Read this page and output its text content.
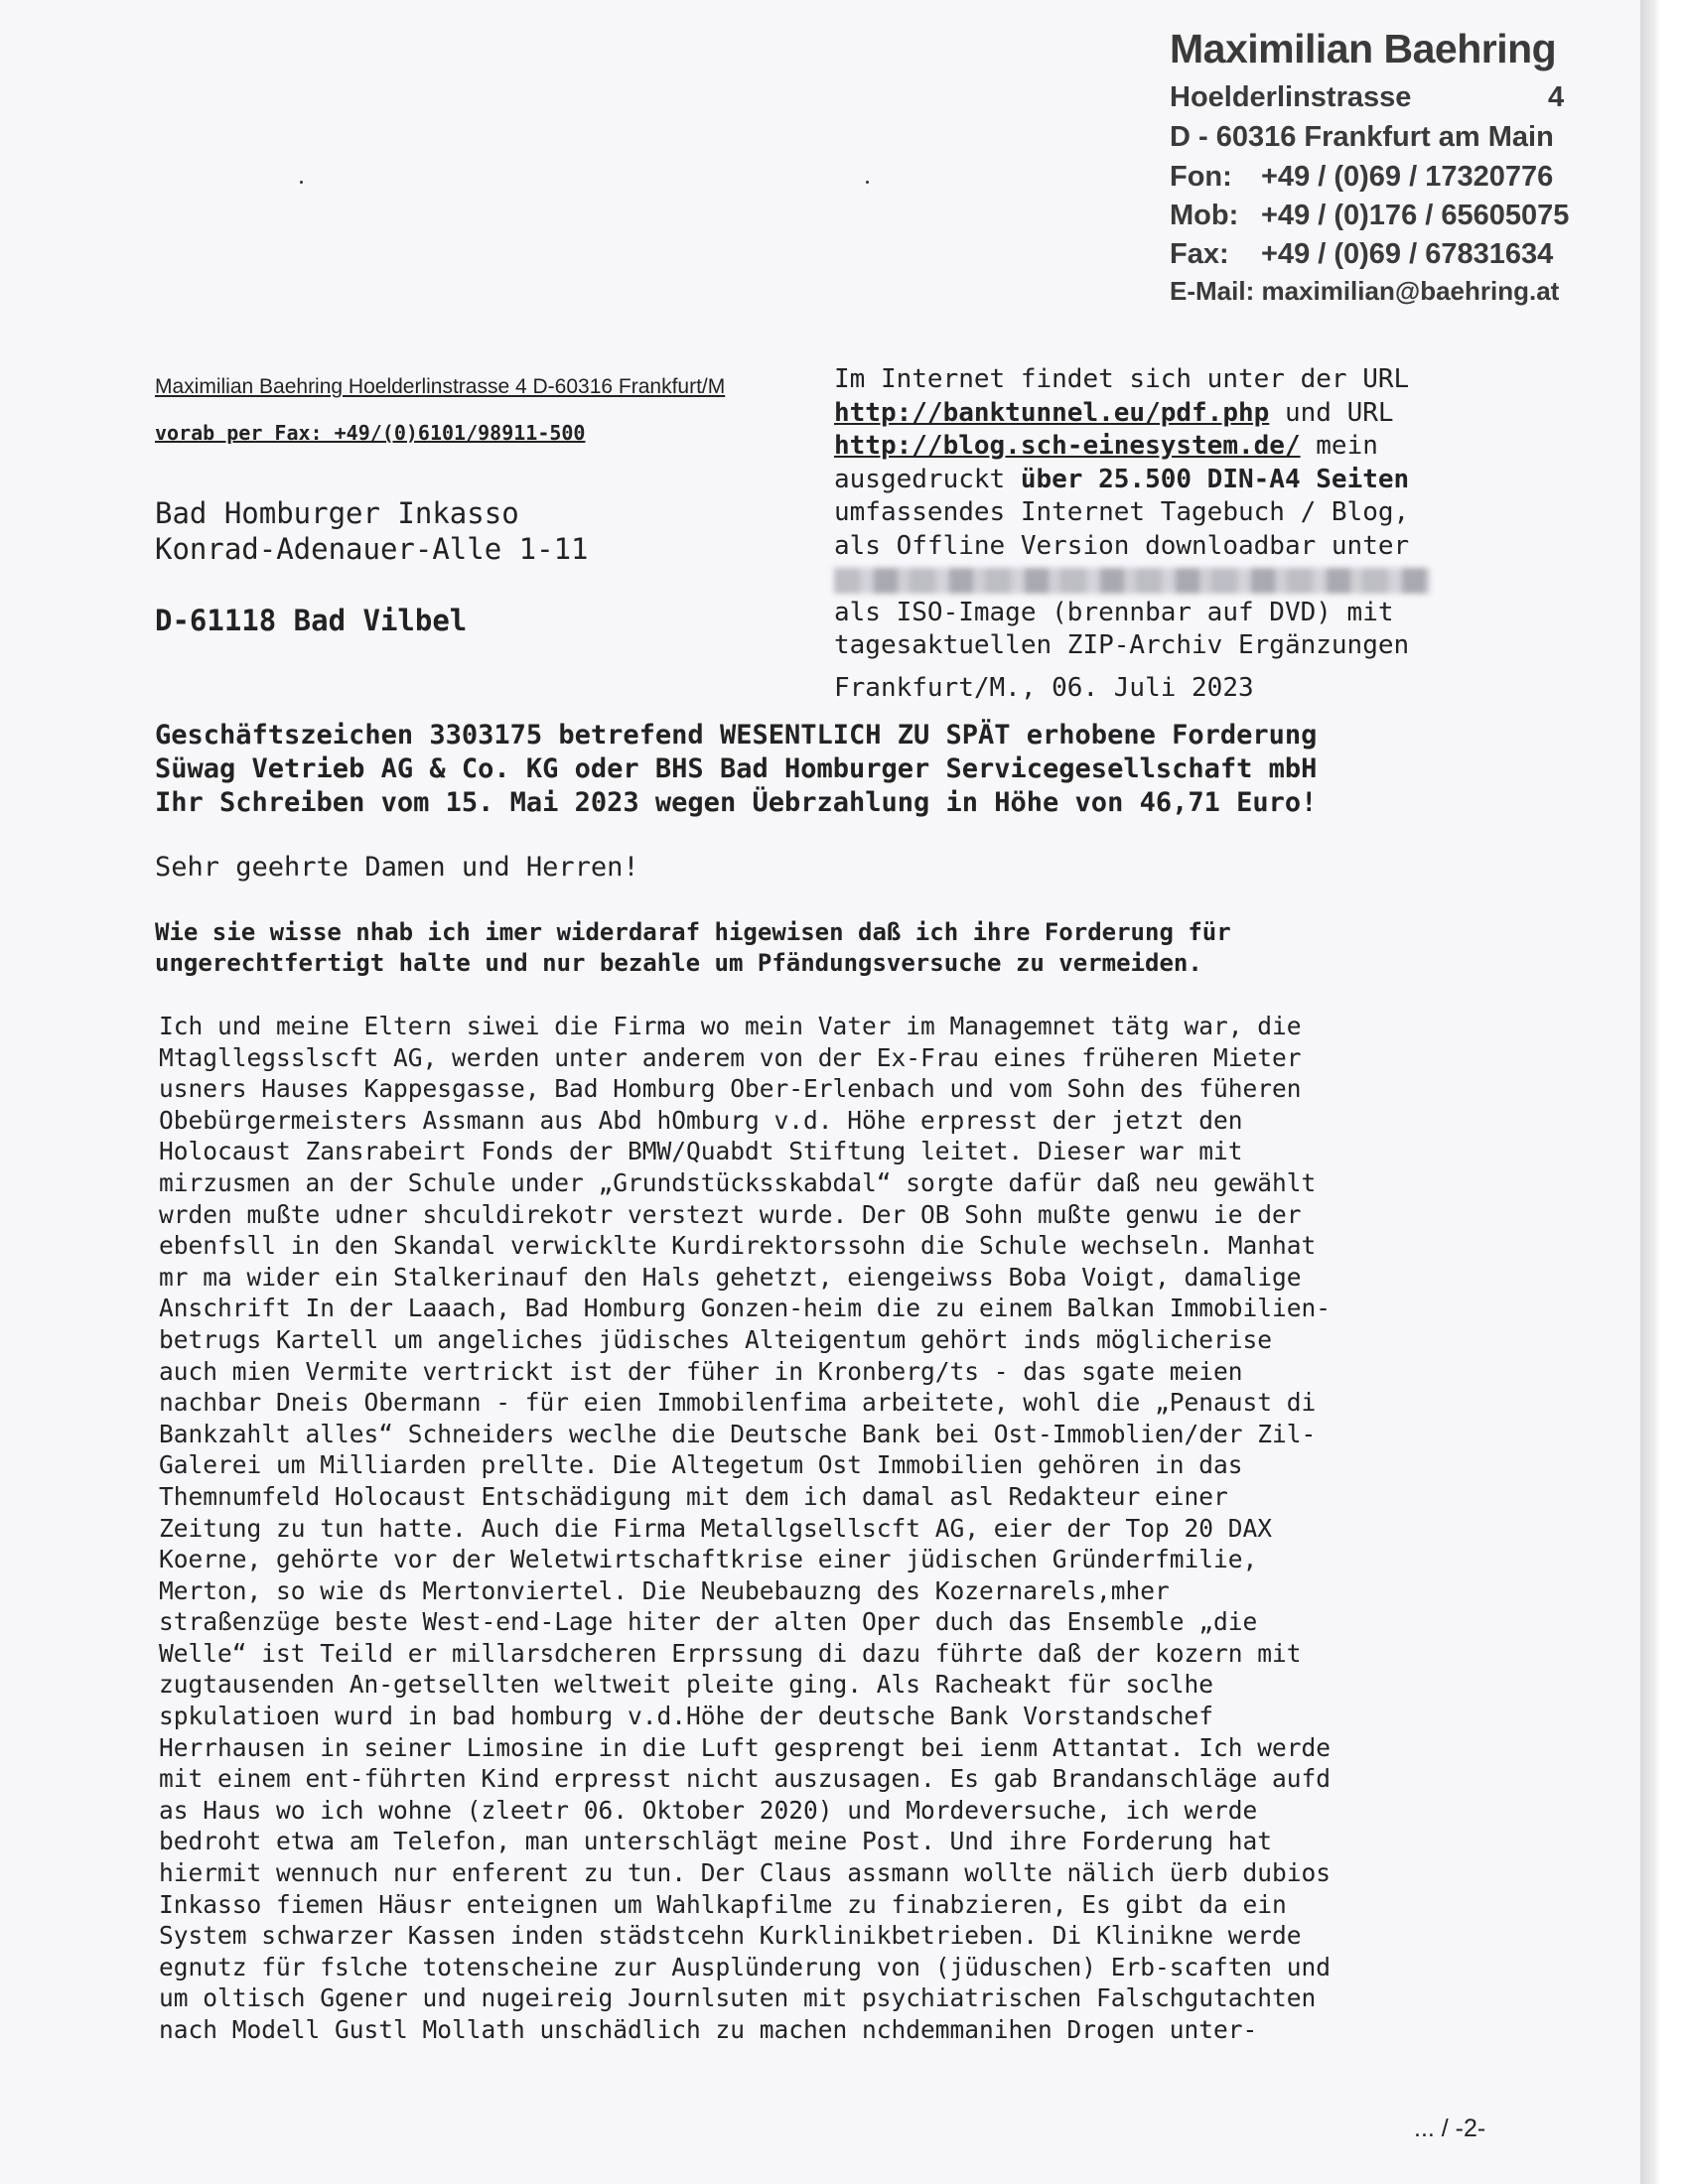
Maximilian Baehring
Hoelderlinstrasse	4
D - 60316 Frankfurt am Main
Fon: +49 / (0)69 / 17320776
Mob: +49 / (0)176 / 65605075
Fax: +49 / (0)69 / 67831634
E-Mail: maximilian@baehring.at
Maximilian Baehring Hoelderlinstrasse 4 D-60316 Frankfurt/M
vorab per Fax: +49/(0)6101/98911-500
Bad Homburger Inkasso
Konrad-Adenauer-Alle 1-11
D-61118 Bad Vilbel
Im Internet findet sich unter der URL
http://banktunnel.eu/pdf.php und URL
http://blog.sch-einesystem.de/ mein
ausgedruckt über 25.500 DIN-A4 Seiten
umfassendes Internet Tagebuch / Blog,
als Offline Version downloadbar unter
als ISO-Image (brennbar auf DVD) mit
tagesaktuellen ZIP-Archiv Ergänzungen
Frankfurt/M., 06. Juli 2023
Geschäftszeichen 3303175 betrefend WESENTLICH ZU SPÄT erhobene Forderung
Süwag Vetrieb AG & Co. KG oder BHS Bad Homburger Servicegesellschaft mbH
Ihr Schreiben vom 15. Mai 2023 wegen Üebrzahlung in Höhe von 46,71 Euro!
Sehr geehrte Damen und Herren!
Wie sie wisse nhab ich imer widerdaraf higewisen daß ich ihre Forderung für
ungerechtfertigt halte und nur bezahle um Pfändungsversuche zu vermeiden.
Ich und meine Eltern siwei die Firma wo mein Vater im Managemnet tätg war, die
Mtagllegsslscft AG, werden unter anderem von der Ex-Frau eines früheren Mieter
usners Hauses Kappesgasse, Bad Homburg Ober-Erlenbach und vom Sohn des füheren
Obebürgermeisters Assmann aus Abd hOmburg v.d. Höhe erpresst der jetzt den
Holocaust Zansrabeirt Fonds der BMW/Quabdt Stiftung leitet. Dieser war mit
mirzusmen an der Schule under „Grundstücksskabdal“ sorgte dafür daß neu gewählt
wrden mußte udner shculdirekotr verstezt wurde. Der OB Sohn mußte genwu ie der
ebenfsll in den Skandal verwicklte Kurdirektorssohn die Schule wechseln. Manhat
mr ma wider ein Stalkerinauf den Hals gehetzt, eiengeiwss Boba Voigt, damalige
Anschrift In der Laaach, Bad Homburg Gonzen-heim die zu einem Balkan Immobilien-
betrugs Kartell um angeliches jüdisches Alteigentum gehört inds möglicherise
auch mien Vermite vertrickt ist der füher in Kronberg/ts - das sgate meien
nachbar Dneis Obermann - für eien Immobilenfima arbeitete, wohl die „Penaust di
Bankzahlt alles“ Schneiders weclhe die Deutsche Bank bei Ost-Immoblien/der Zil-
Galerei um Milliarden prellte. Die Altegetum Ost Immobilien gehören in das
Themnumfeld Holocaust Entschädigung mit dem ich damal asl Redakteur einer
Zeitung zu tun hatte. Auch die Firma Metallgsellscft AG, eier der Top 20 DAX
Koerne, gehörte vor der Weletwirtschaftkrise einer jüdischen Gründerfmilie,
Merton, so wie ds Mertonviertel. Die Neubebauzng des Kozernarels,mher
straßenzüge beste West-end-Lage hiter der alten Oper duch das Ensemble „die
Welle“ ist Teild er millarsdcheren Erprssung di dazu führte daß der kozern mit
zugtausenden An-getsellten weltweit pleite ging. Als Racheakt für soclhe
spkulatioen wurd in bad homburg v.d.Höhe der deutsche Bank Vorstandschef
Herrhausen in seiner Limosine in die Luft gesprengt bei ienm Attantat. Ich werde
mit einem ent-führten Kind erpresst nicht auszusagen. Es gab Brandanschläge aufd
as Haus wo ich wohne (zleetr 06. Oktober 2020) und Mordeversuche, ich werde
bedroht etwa am Telefon, man unterschlägt meine Post. Und ihre Forderung hat
hiermit wennuch nur enferent zu tun. Der Claus assmann wollte nälich üerb dubios
Inkasso fiemen Häusr enteignen um Wahlkapfilme zu finabzieren, Es gibt da ein
System schwarzer Kassen inden städstcehn Kurklinikbetrieben. Di Klinikne werde
egnutz für fslche totenscheine zur Ausplünderung von (jüduschen) Erb-scaften und
um oltisch Ggener und nugeireig Journlsuten mit psychiatrischen Falschgutachten
nach Modell Gustl Mollath unschädlich zu machen nchdemmanihen Drogen unter-
... / -2-
